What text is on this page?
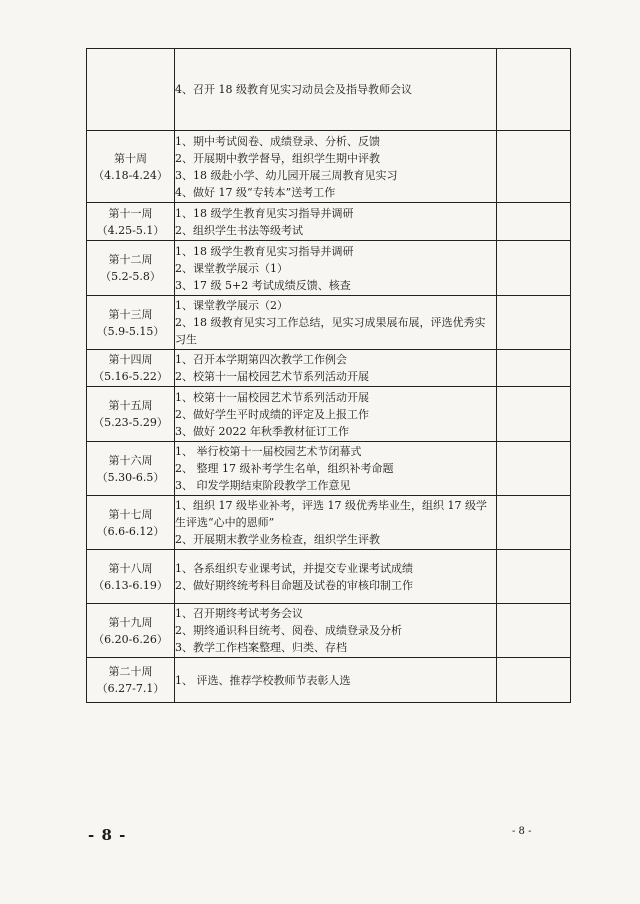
	4、召开 18 级教育见实习动员会及指导教师会议	

第十周
（4.18-4.24）	1、期中考试阅卷、成绩登录、分析、反馈
2、开展期中教学督导，组织学生期中评教
3、18 级赴小学、幼儿园开展三周教育见实习
4、做好 17 级“专转本”送考工作	

第十一周
（4.25-5.1）	1、18 级学生教育见实习指导并调研
2、组织学生书法等级考试	

第十二周
（5.2-5.8）	1、18 级学生教育见实习指导并调研
2、课堂教学展示（1）
3、17 级 5+2 考试成绩反馈、核查	

第十三周
（5.9-5.15）	1、课堂教学展示（2）
2、18 级教育见实习工作总结，见实习成果展布展，评选优秀实习生	

第十四周
（5.16-5.22）	1、召开本学期第四次教学工作例会
2、校第十一届校园艺术节系列活动开展	

第十五周
（5.23-5.29）	1、校第十一届校园艺术节系列活动开展
2、做好学生平时成绩的评定及上报工作
3、做好 2022 年秋季教材征订工作	

第十六周
（5.30-6.5）	1、 举行校第十一届校园艺术节闭幕式
2、 整理 17 级补考学生名单，组织补考命题
3、 印发学期结束阶段教学工作意见	

第十七周
（6.6-6.12）	1、组织 17 级毕业补考，评选 17 级优秀毕业生，组织 17 级学生评选“心中的恩师”
2、开展期末教学业务检查，组织学生评教	

第十八周
（6.13-6.19）	1、各系组织专业课考试，并提交专业课考试成绩
2、做好期终统考科目命题及试卷的审核印制工作	

第十九周
（6.20-6.26）	1、召开期终考试考务会议
2、期终通识科目统考、阅卷、成绩登录及分析
3、教学工作档案整理、归类、存档	

第二十周
（6.27-7.1）	1、 评选、推荐学校教师节表彰人选	

- 8 -	- 8 -
